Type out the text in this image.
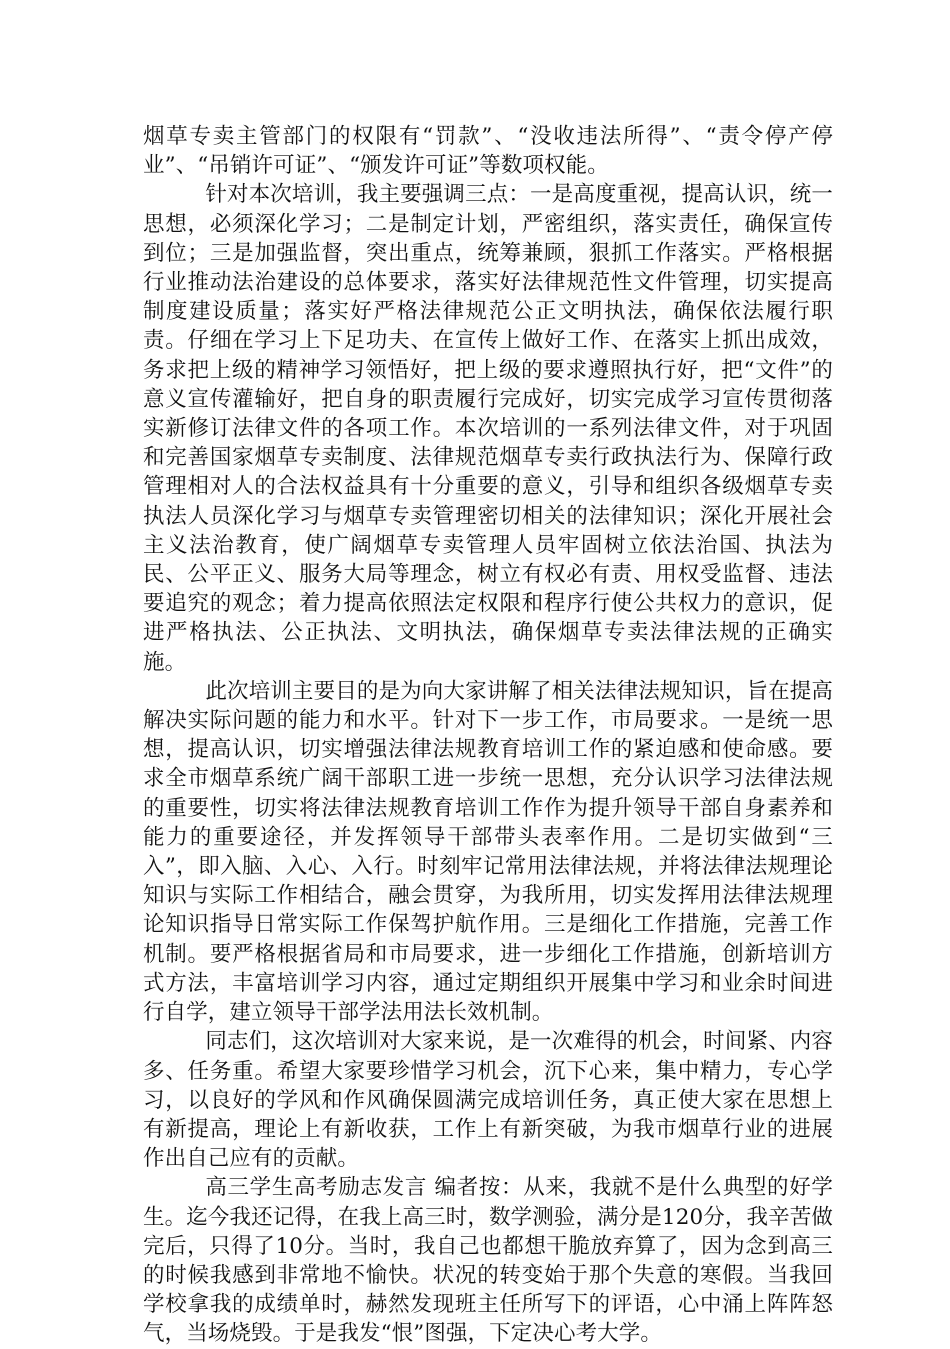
烟草专卖主管部门的权限有“罚款”、“没收违法所得”、“责令停产停业”、“吊销许可证”、“颁发许可证”等数项权能。

针对本次培训，我主要强调三点：一是高度重视，提高认识，统一思想，必须深化学习；二是制定计划，严密组织，落实责任，确保宣传到位；三是加强监督，突出重点，统筹兼顾，狠抓工作落实。严格根据行业推动法治建设的总体要求，落实好法律规范性文件管理，切实提高制度建设质量；落实好严格法律规范公正文明执法，确保依法履行职责。仔细在学习上下足功夫、在宣传上做好工作、在落实上抓出成效，务求把上级的精神学习领悟好，把上级的要求遵照执行好，把“文件”的意义宣传灌输好，把自身的职责履行完成好，切实完成学习宣传贯彻落实新修订法律文件的各项工作。本次培训的一系列法律文件，对于巩固和完善国家烟草专卖制度、法律规范烟草专卖行政执法行为、保障行政管理相对人的合法权益具有十分重要的意义，引导和组织各级烟草专卖执法人员深化学习与烟草专卖管理密切相关的法律知识；深化开展社会主义法治教育，使广阔烟草专卖管理人员牢固树立依法治国、执法为民、公平正义、服务大局等理念，树立有权必有责、用权受监督、违法要追究的观念；着力提高依照法定权限和程序行使公共权力的意识，促进严格执法、公正执法、文明执法，确保烟草专卖法律法规的正确实施。

此次培训主要目的是为向大家讲解了相关法律法规知识，旨在提高解决实际问题的能力和水平。针对下一步工作，市局要求。一是统一思想，提高认识，切实增强法律法规教育培训工作的紧迫感和使命感。要求全市烟草系统广阔干部职工进一步统一思想，充分认识学习法律法规的重要性，切实将法律法规教育培训工作作为提升领导干部自身素养和能力的重要途径，并发挥领导干部带头表率作用。二是切实做到“三入”，即入脑、入心、入行。时刻牢记常用法律法规，并将法律法规理论知识与实际工作相结合，融会贯穿，为我所用，切实发挥用法律法规理论知识指导日常实际工作保驾护航作用。三是细化工作措施，完善工作机制。要严格根据省局和市局要求，进一步细化工作措施，创新培训方式方法，丰富培训学习内容，通过定期组织开展集中学习和业余时间进行自学，建立领导干部学法用法长效机制。

同志们，这次培训对大家来说，是一次难得的机会，时间紧、内容多、任务重。希望大家要珍惜学习机会，沉下心来，集中精力，专心学习，以良好的学风和作风确保圆满完成培训任务，真正使大家在思想上有新提高，理论上有新收获，工作上有新突破，为我市烟草行业的进展作出自己应有的贡献。

高三学生高考励志发言 编者按：从来，我就不是什么典型的好学生。迄今我还记得，在我上高三时，数学测验，满分是120分，我辛苦做完后，只得了10分。当时，我自己也都想干脆放弃算了，因为念到高三的时候我感到非常地不愉快。状况的转变始于那个失意的寒假。当我回学校拿我的成绩单时，赫然发现班主任所写下的评语，心中涌上阵阵怒气，当场烧毁。于是我发“恨”图强，下定决心考大学。
